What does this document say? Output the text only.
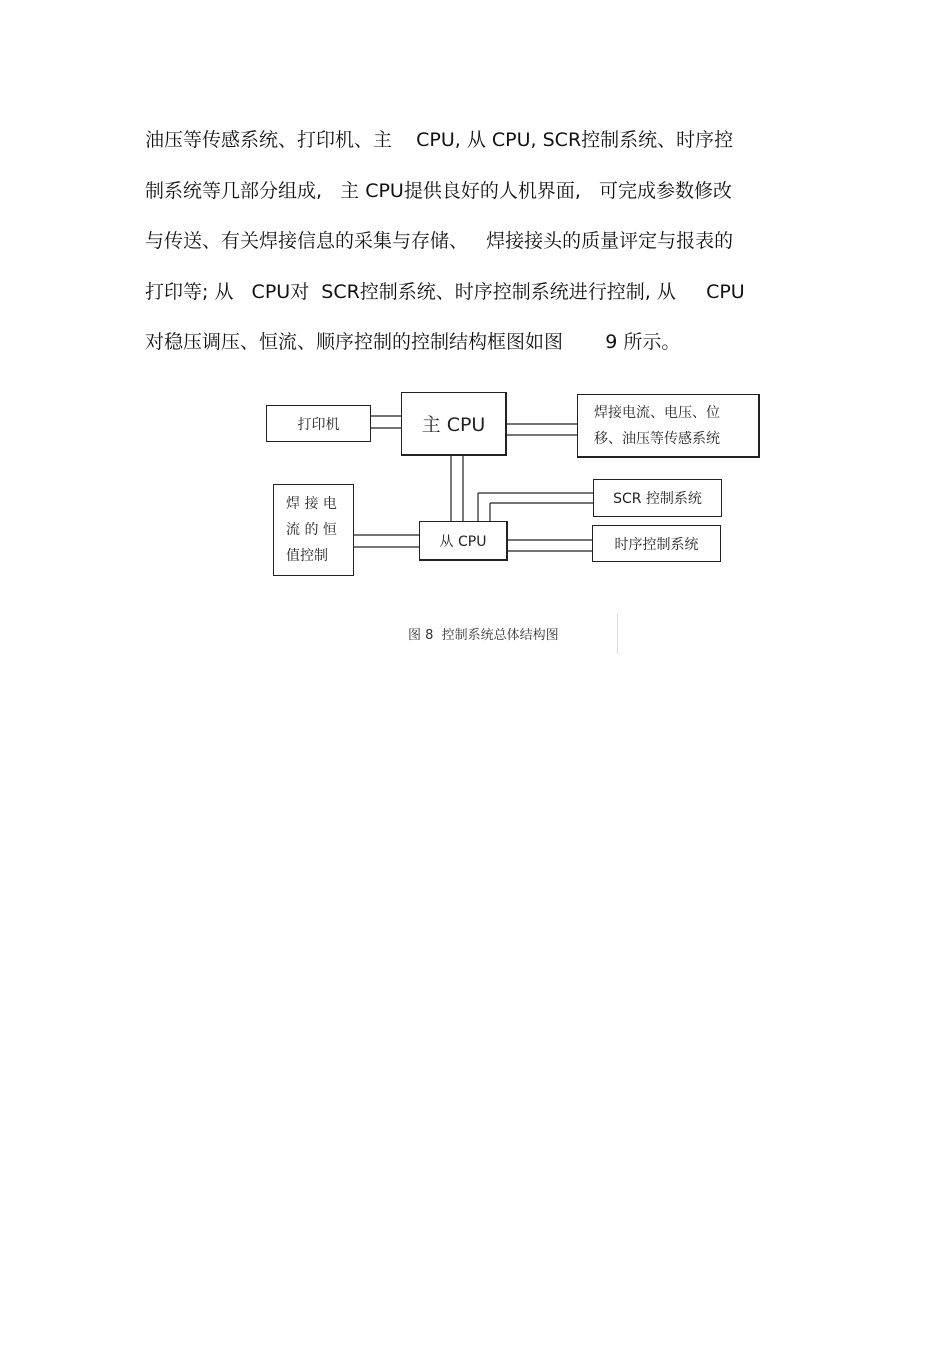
油压等传感系统、打印机、主    CPU, 从 CPU, SCR控制系统、时序控
制系统等几部分组成,   主 CPU提供良好的人机界面,   可完成参数修改
与传送、有关焊接信息的采集与存储、   焊接接头的质量评定与报表的
打印等; 从   CPU对  SCR控制系统、时序控制系统进行控制, 从     CPU
对稳压调压、恒流、顺序控制的控制结构框图如图       9 所示。
打印机	主 CPU
焊接电流、电压、位
移、油压等传感系统
焊 接 电
流 的 恒
值控制
从 CPU
SCR 控制系统
时序控制系统
图 8  控制系统总体结构图
